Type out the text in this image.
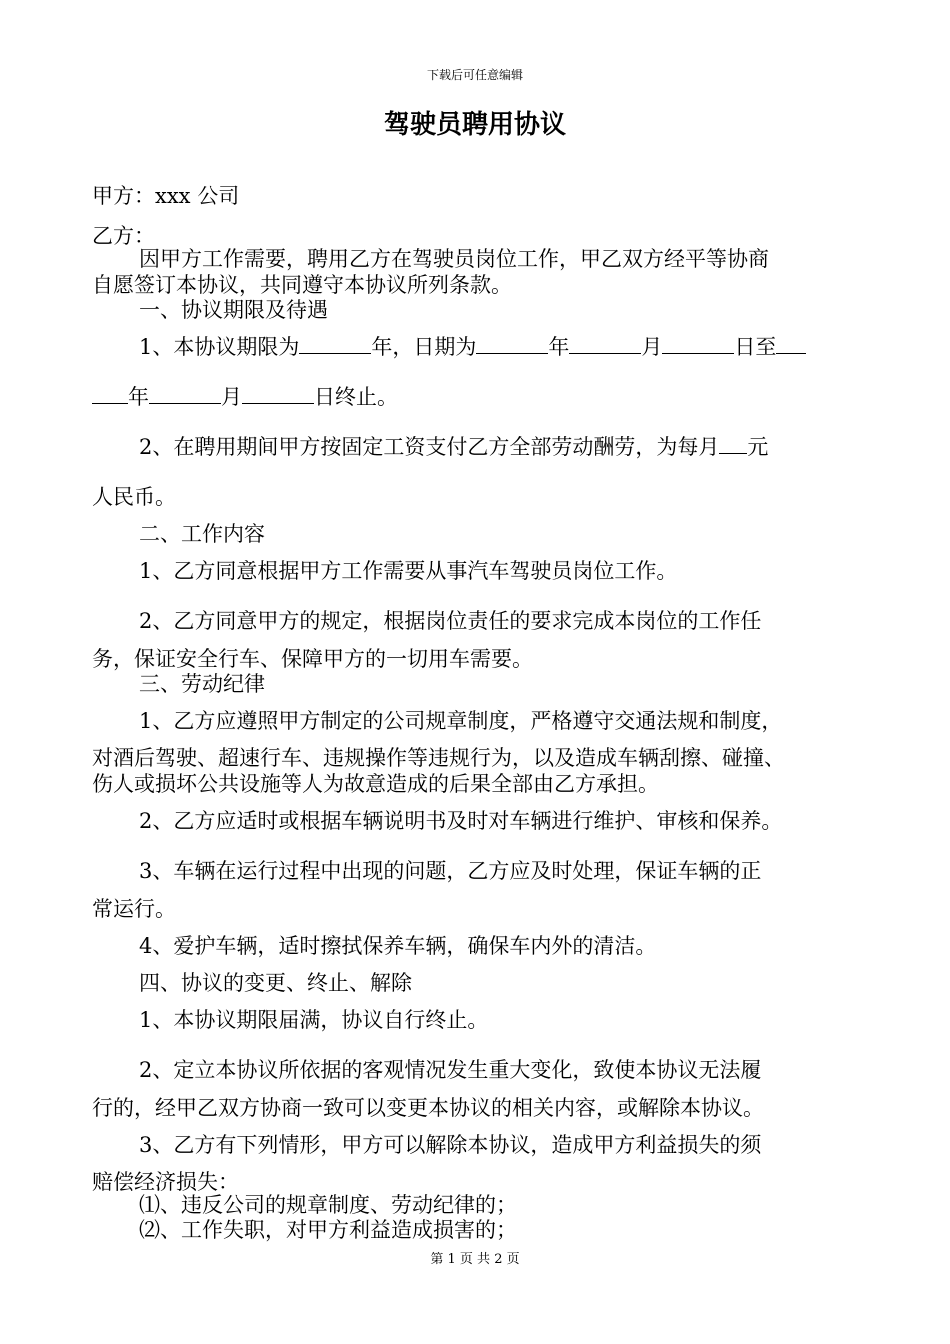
下载后可任意编辑
驾驶员聘用协议
甲方：xxx 公司
乙方：
因甲方工作需要，聘用乙方在驾驶员岗位工作，甲乙双方经平等协商
自愿签订本协议，共同遵守本协议所列条款。
一、协议期限及待遇
1、本协议期限为	年，日期为	年	月	日至
年	月	日终止。
2、在聘用期间甲方按固定工资支付乙方全部劳动酬劳，为每月 元
人民币。
二、工作内容
1、乙方同意根据甲方工作需要从事汽车驾驶员岗位工作。
2、乙方同意甲方的规定，根据岗位责任的要求完成本岗位的工作任
务，保证安全行车、保障甲方的一切用车需要。
三、劳动纪律
1、乙方应遵照甲方制定的公司规章制度，严格遵守交通法规和制度，
对酒后驾驶、超速行车、违规操作等违规行为，以及造成车辆刮擦、碰撞、
伤人或损坏公共设施等人为故意造成的后果全部由乙方承担。
2、乙方应适时或根据车辆说明书及时对车辆进行维护、审核和保养。
3、车辆在运行过程中出现的问题，乙方应及时处理，保证车辆的正
常运行。
4、爱护车辆，适时擦拭保养车辆，确保车内外的清洁。
四、协议的变更、终止、解除
1、本协议期限届满，协议自行终止。
2、定立本协议所依据的客观情况发生重大变化，致使本协议无法履
行的，经甲乙双方协商一致可以变更本协议的相关内容，或解除本协议。
3、乙方有下列情形，甲方可以解除本协议，造成甲方利益损失的须
赔偿经济损失：
⑴、违反公司的规章制度、劳动纪律的；
⑵、工作失职，对甲方利益造成损害的；
第 1 页 共 2 页
